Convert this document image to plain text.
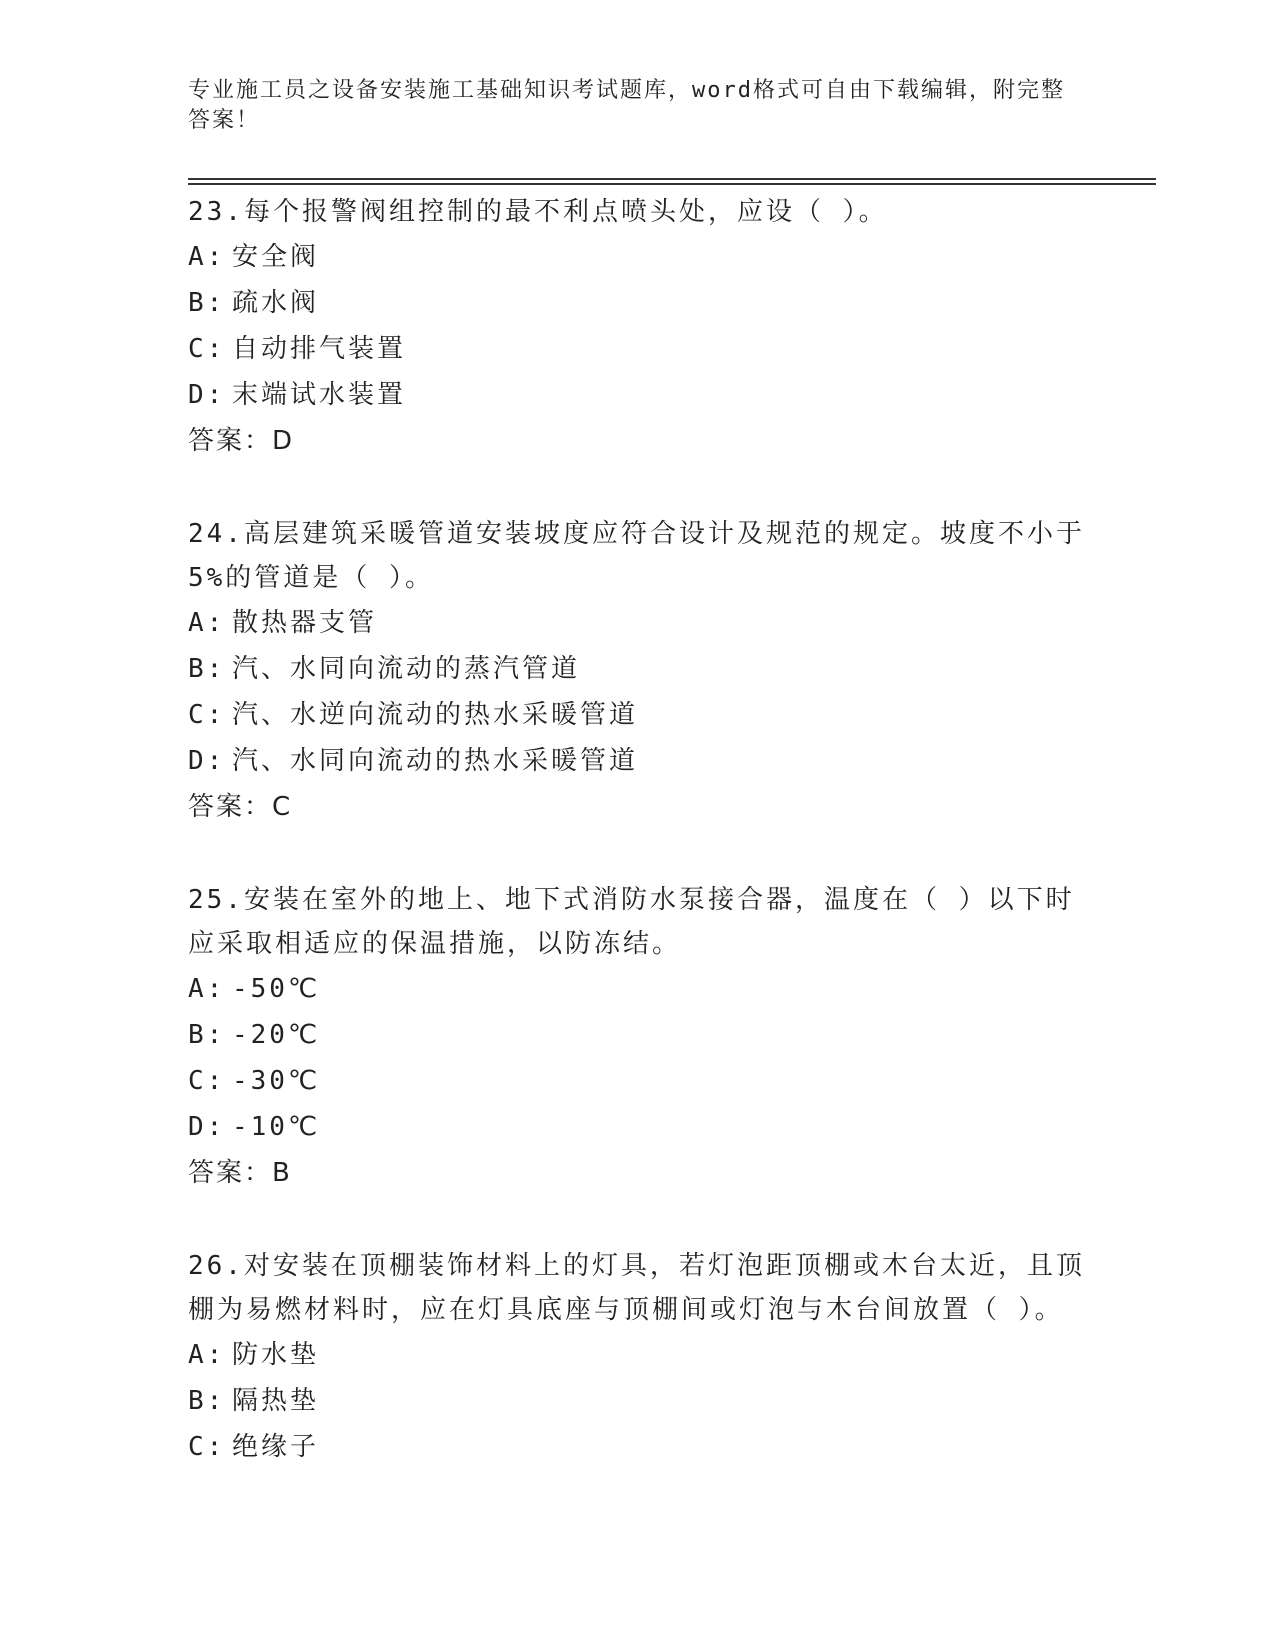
专业施工员之设备安装施工基础知识考试题库，word格式可自由下载编辑，附完整答案！

23.每个报警阀组控制的最不利点喷头处，应设（ ）。

A: 安全阀
B: 疏水阀
C: 自动排气装置
D: 末端试水装置
答案：D

24.高层建筑采暖管道安装坡度应符合设计及规范的规定。坡度不小于5%的管道是（ ）。

A: 散热器支管
B: 汽、水同向流动的蒸汽管道
C: 汽、水逆向流动的热水采暖管道
D: 汽、水同向流动的热水采暖管道
答案：C

25.安装在室外的地上、地下式消防水泵接合器，温度在（ ）以下时应采取相适应的保温措施，以防冻结。

A: -50℃
B: -20℃
C: -30℃
D: -10℃
答案：B

26.对安装在顶棚装饰材料上的灯具，若灯泡距顶棚或木台太近，且顶棚为易燃材料时，应在灯具底座与顶棚间或灯泡与木台间放置（ ）。

A: 防水垫
B: 隔热垫
C: 绝缘子
